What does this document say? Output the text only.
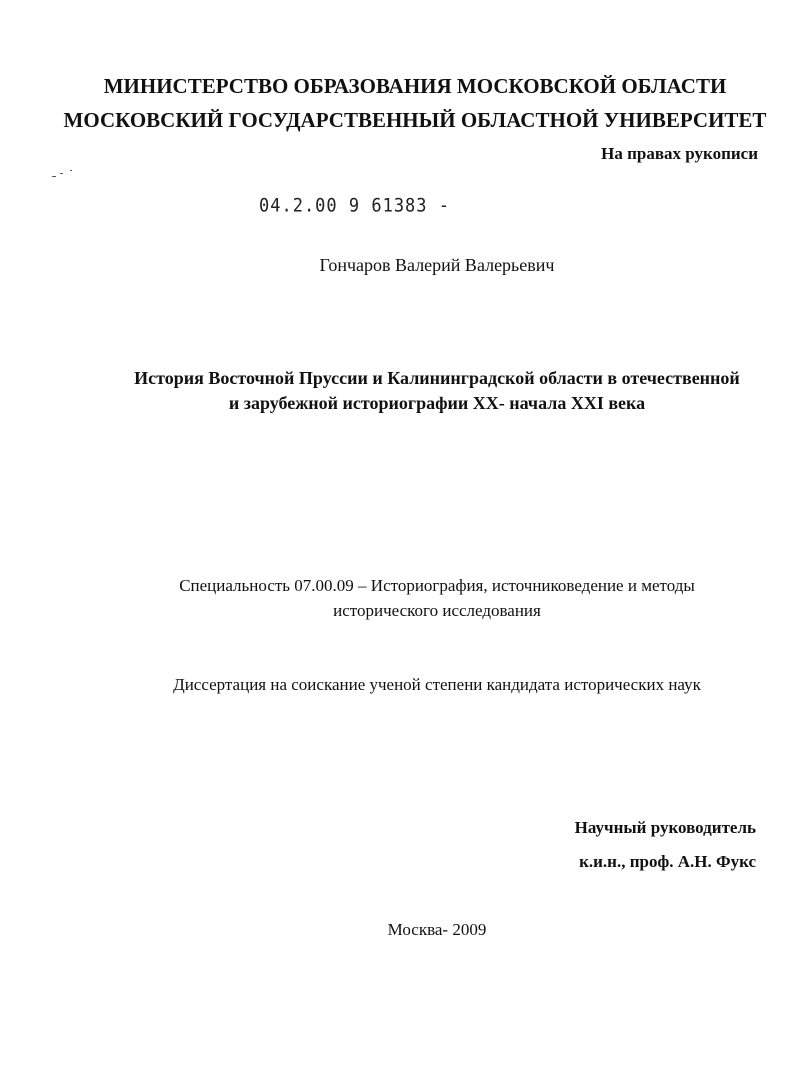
МИНИСТЕРСТВО ОБРАЗОВАНИЯ МОСКОВСКОЙ ОБЛАСТИ
МОСКОВСКИЙ ГОСУДАРСТВЕННЫЙ ОБЛАСТНОЙ УНИВЕРСИТЕТ
На правах рукописи
04.2.00 9 61383 -
Гончаров Валерий Валерьевич
История Восточной Пруссии и Калининградской области в отечественной
и зарубежной историографии XX- начала XXI века
Специальность 07.00.09 – Историография, источниковедение и методы
исторического исследования
Диссертация на соискание ученой степени кандидата исторических наук
Научный руководитель
к.и.н., проф. А.Н. Фукс
Москва- 2009
